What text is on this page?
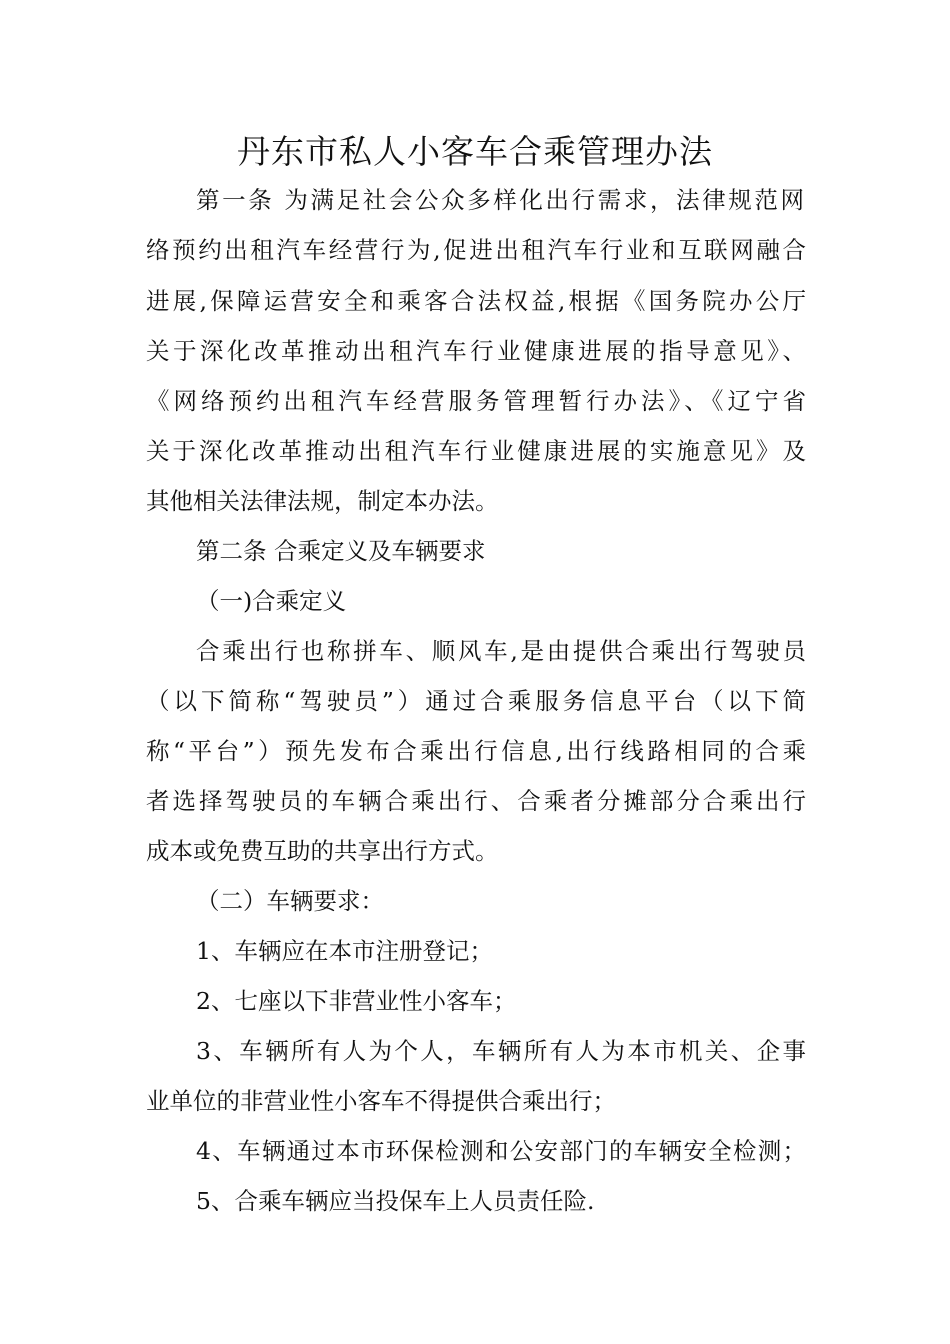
丹东市私人小客车合乘管理办法

第一条 为满足社会公众多样化出行需求，法律规范网

络预约出租汽车经营行为,促进出租汽车行业和互联网融合

进展,保障运营安全和乘客合法权益,根据《国务院办公厅

关于深化改革推动出租汽车行业健康进展的指导意见》、

《网络预约出租汽车经营服务管理暂行办法》、《辽宁省

关于深化改革推动出租汽车行业健康进展的实施意见》及

其他相关法律法规，制定本办法。

第二条 合乘定义及车辆要求

（一)合乘定义

合乘出行也称拼车、顺风车,是由提供合乘出行驾驶员

（以下简称“驾驶员”）通过合乘服务信息平台（以下简

称“平台”）预先发布合乘出行信息,出行线路相同的合乘

者选择驾驶员的车辆合乘出行、合乘者分摊部分合乘出行

成本或免费互助的共享出行方式。

（二）车辆要求：

1、车辆应在本市注册登记；

2、七座以下非营业性小客车；

3、车辆所有人为个人，车辆所有人为本市机关、企事

业单位的非营业性小客车不得提供合乘出行；

4、车辆通过本市环保检测和公安部门的车辆安全检测；

5、合乘车辆应当投保车上人员责任险.
